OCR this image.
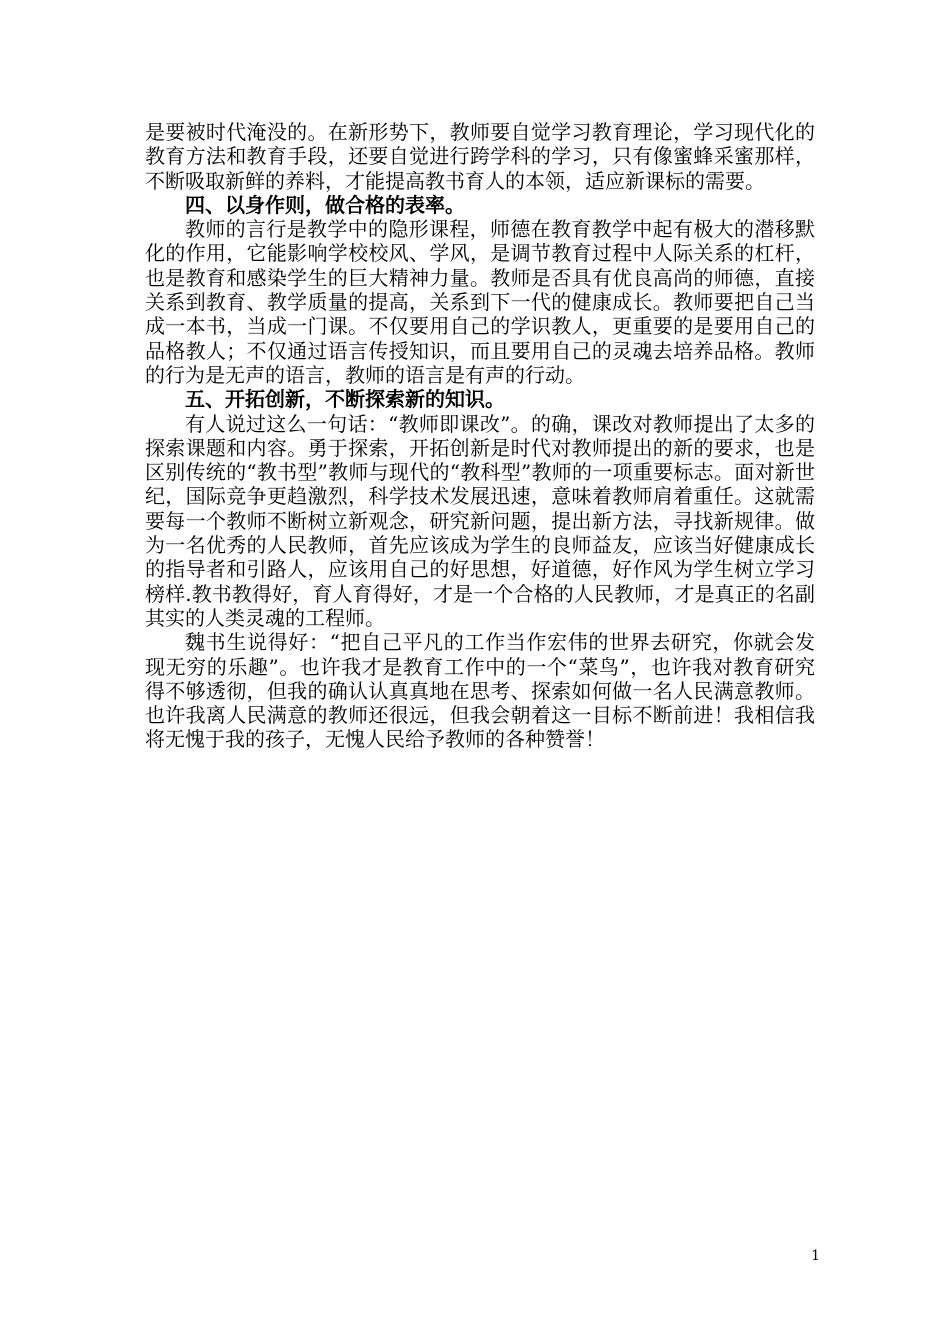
是要被时代淹没的。在新形势下，教师要自觉学习教育理论，学习现代化的教育方法和教育手段，还要自觉进行跨学科的学习，只有像蜜蜂采蜜那样，不断吸取新鲜的养料，才能提高教书育人的本领，适应新课标的需要。

四、以身作则，做合格的表率。

教师的言行是教学中的隐形课程，师德在教育教学中起有极大的潜移默化的作用，它能影响学校校风、学风，是调节教育过程中人际关系的杠杆，也是教育和感染学生的巨大精神力量。教师是否具有优良高尚的师德，直接关系到教育、教学质量的提高，关系到下一代的健康成长。教师要把自己当成一本书，当成一门课。不仅要用自己的学识教人，更重要的是要用自己的品格教人；不仅通过语言传授知识，而且要用自己的灵魂去培养品格。教师的行为是无声的语言，教师的语言是有声的行动。

五、开拓创新，不断探索新的知识。

有人说过这么一句话：“教师即课改”。的确，课改对教师提出了太多的探索课题和内容。勇于探索，开拓创新是时代对教师提出的新的要求，也是区别传统的“教书型”教师与现代的“教科型”教师的一项重要标志。面对新世纪，国际竞争更趋激烈，科学技术发展迅速，意味着教师肩着重任。这就需要每一个教师不断树立新观念，研究新问题，提出新方法，寻找新规律。做为一名优秀的人民教师，首先应该成为学生的良师益友，应该当好健康成长的指导者和引路人，应该用自己的好思想，好道德，好作风为学生树立学习榜样.教书教得好，育人育得好，才是一个合格的人民教师，才是真正的名副其实的人类灵魂的工程师。

魏书生说得好：“把自己平凡的工作当作宏伟的世界去研究，你就会发现无穷的乐趣”。也许我才是教育工作中的一个“菜鸟”，也许我对教育研究得不够透彻，但我的确认认真真地在思考、探索如何做一名人民满意教师。也许我离人民满意的教师还很远，但我会朝着这一目标不断前进！我相信我将无愧于我的孩子，无愧人民给予教师的各种赞誉！

1
